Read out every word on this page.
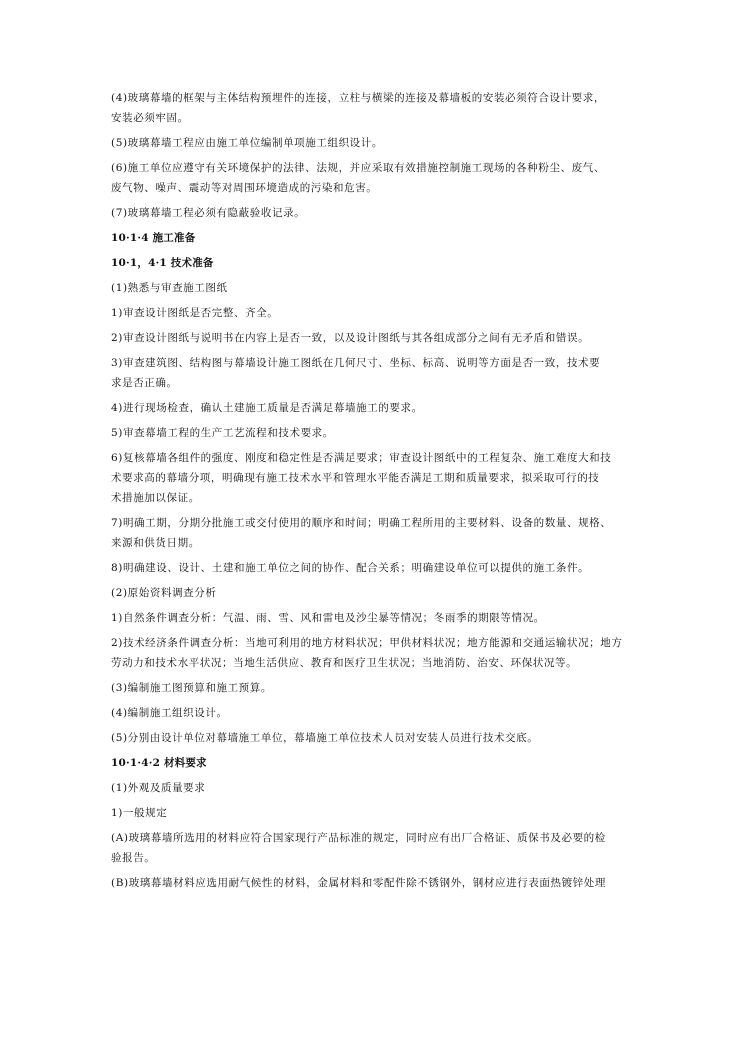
(4)玻璃幕墙的框架与主体结构预埋件的连接，立柱与横梁的连接及幕墙板的安装必须符合设计要求，

安装必须牢固。

(5)玻璃幕墙工程应由施工单位编制单项施工组织设计。

(6)施工单位应遵守有关环境保护的法律、法规，并应采取有效措施控制施工现场的各种粉尘、废气、

废气物、噪声、震动等对周围环境造成的污染和危害。

(7)玻璃幕墙工程必须有隐蔽验收记录。

10·1·4 施工准备

10·1，4·1 技术准备

(1)熟悉与审查施工图纸

1)审查设计图纸是否完整、齐全。

2)审查设计图纸与说明书在内容上是否一致，以及设计图纸与其各组成部分之间有无矛盾和错误。

3)审查建筑图、结构图与幕墙设计施工图纸在几何尺寸、坐标、标高、说明等方面是否一致，技术要

求是否正确。

4)进行现场检查，确认土建施工质量是否满足幕墙施工的要求。

5)审查幕墙工程的生产工艺流程和技术要求。

6)复核幕墙各组件的强度、刚度和稳定性是否满足要求；审查设计图纸中的工程复杂、施工难度大和技

术要求高的幕墙分项，明确现有施工技术水平和管理水平能否满足工期和质量要求，拟采取可行的技

术措施加以保证。

7)明确工期，分期分批施工或交付使用的顺序和时间；明确工程所用的主要材料、设备的数量、规格、

来源和供货日期。

8)明确建设、设计、土建和施工单位之间的协作、配合关系；明确建设单位可以提供的施工条件。

(2)原始资料调查分析

1)自然条件调查分析：气温、雨、雪、风和雷电及沙尘暴等情况；冬雨季的期限等情况。

2)技术经济条件调查分析：当地可利用的地方材料状况；甲供材料状况；地方能源和交通运输状况；地方

劳动力和技术水平状况；当地生活供应、教育和医疗卫生状况；当地消防、治安、环保状况等。

(3)编制施工图预算和施工预算。

(4)编制施工组织设计。

(5)分别由设计单位对幕墙施工单位，幕墙施工单位技术人员对安装人员进行技术交底。

10·1·4·2 材料要求

(1)外观及质量要求

1)一般规定

(A)玻璃幕墙所选用的材料应符合国家现行产品标准的规定，同时应有出厂合格证、质保书及必要的检

验报告。

(B)玻璃幕墙材料应选用耐气候性的材料，金属材料和零配件除不锈钢外，钢材应进行表面热镀锌处理
